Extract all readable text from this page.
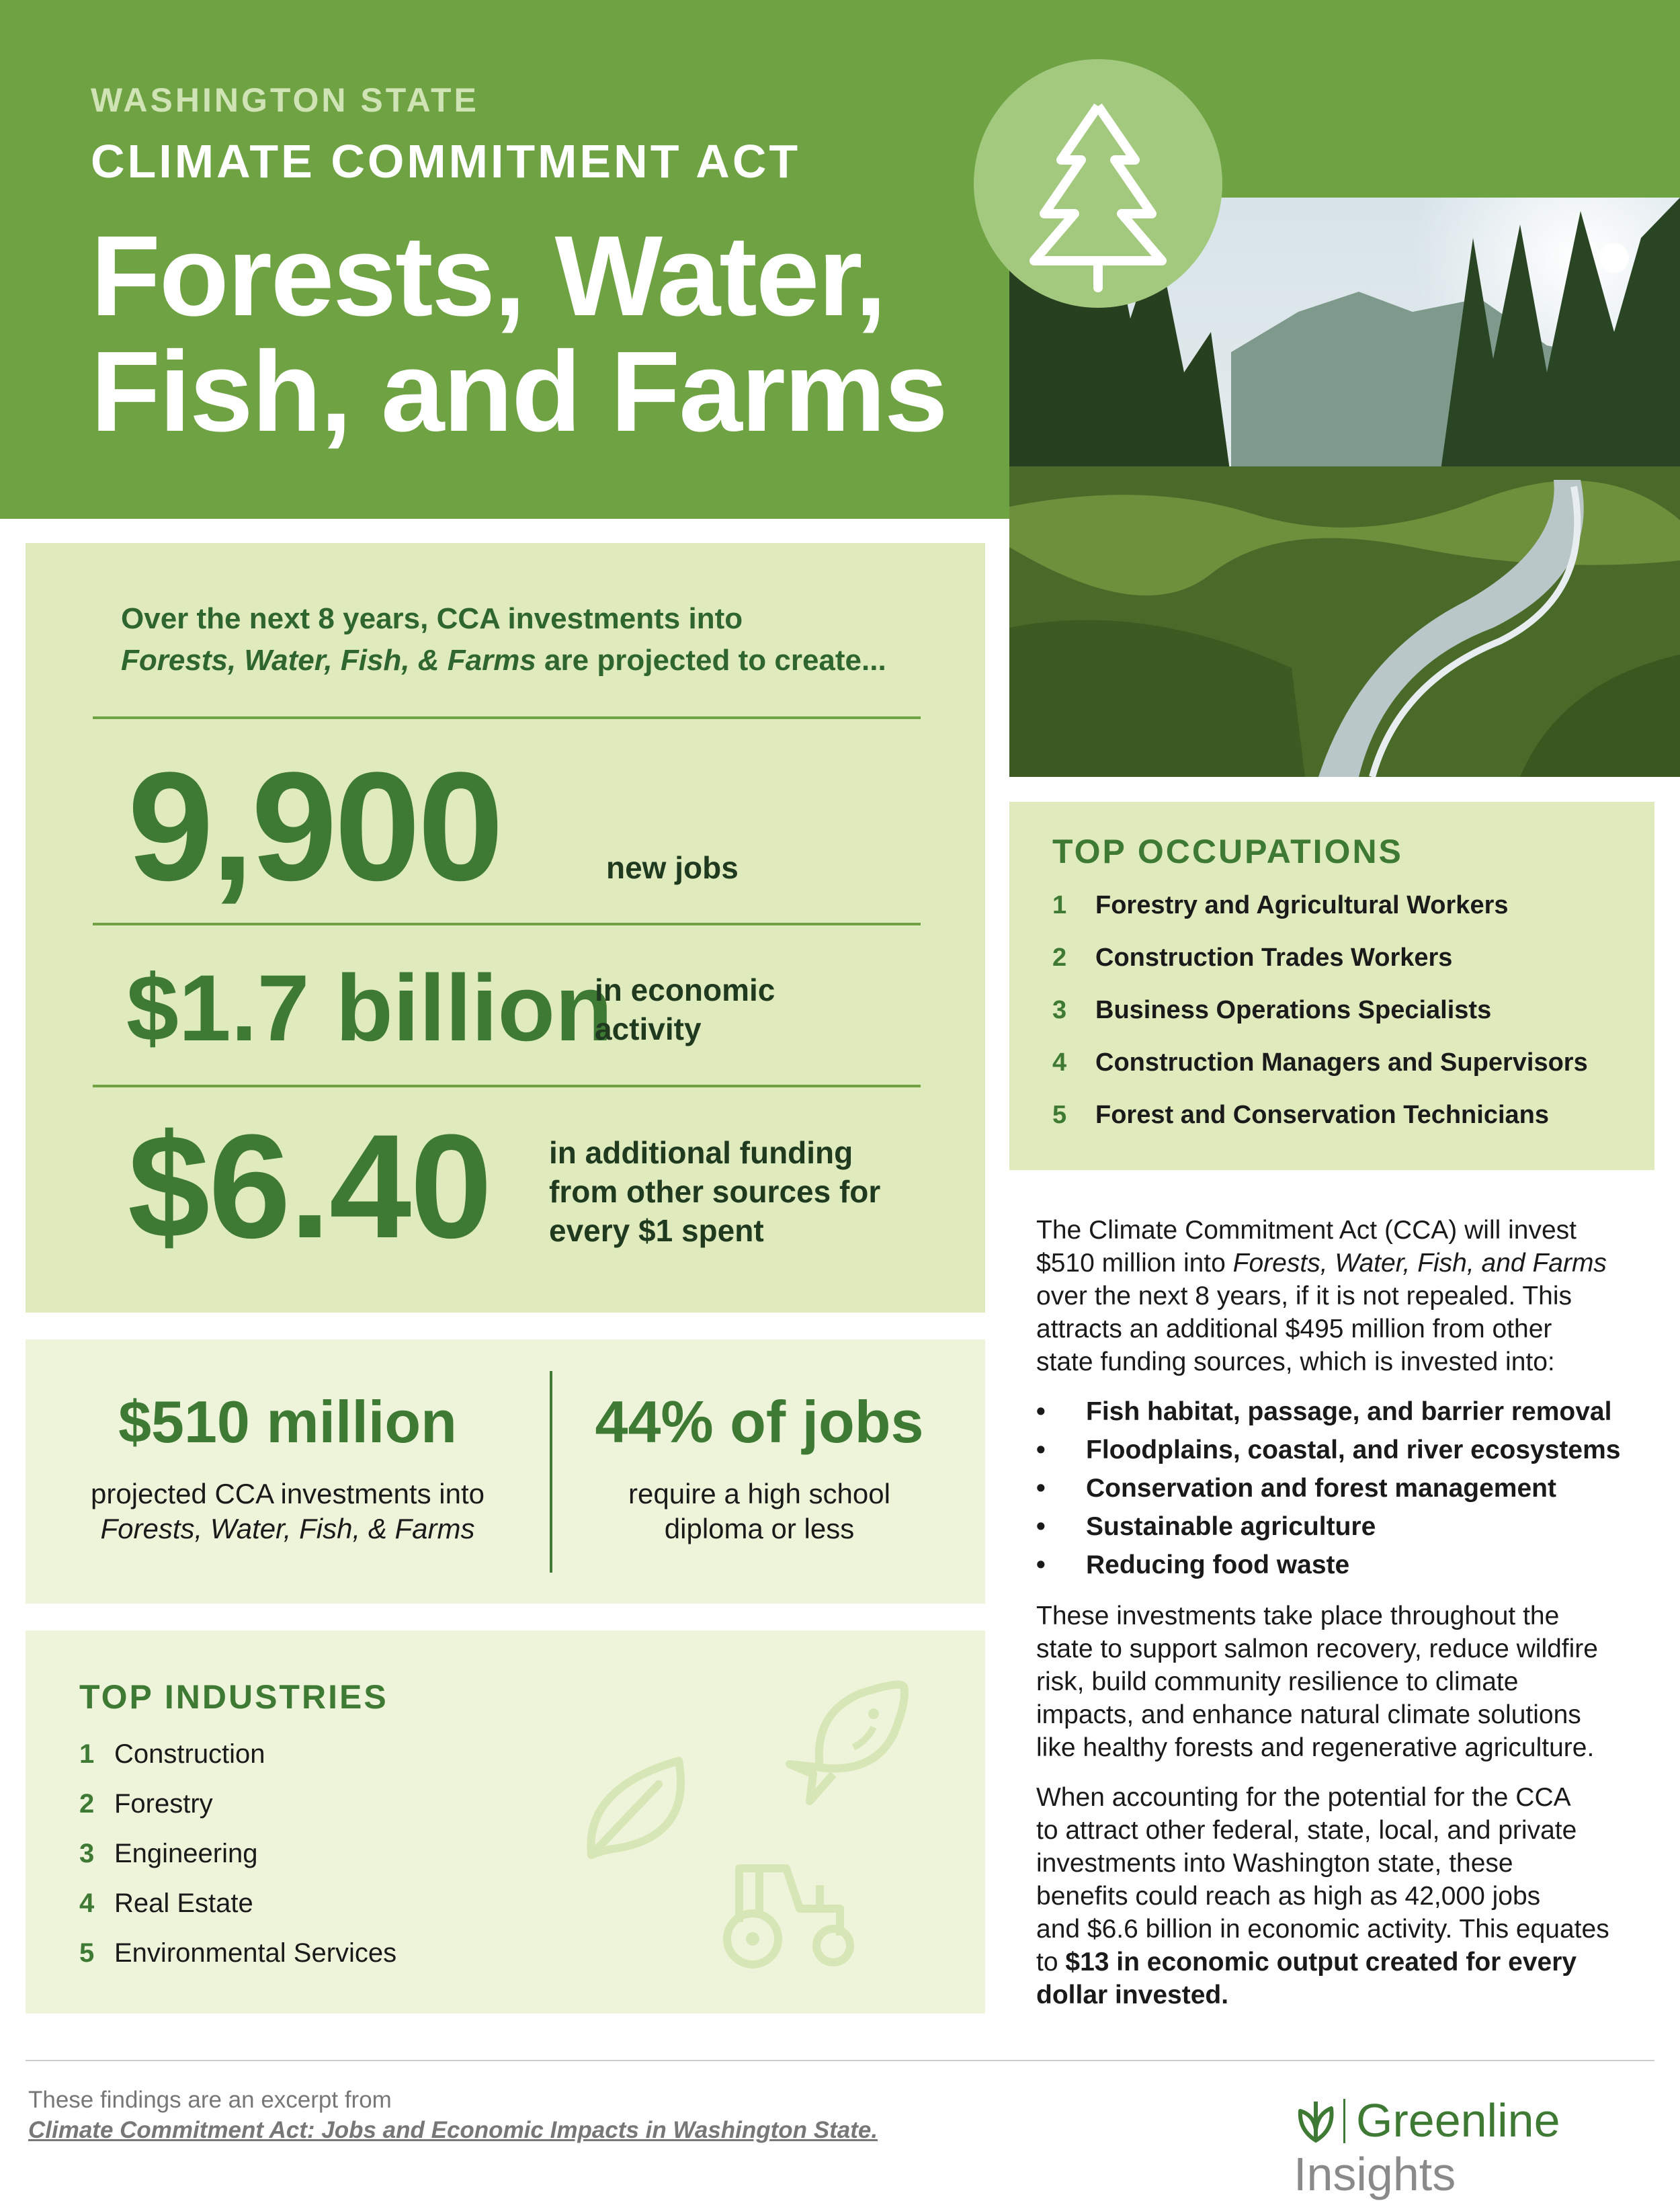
WASHINGTON STATE
CLIMATE COMMITMENT ACT
Forests, Water,
Fish, and Farms
Over the next 8 years, CCA investments into
Forests, Water, Fish, & Farms are projected to create...
9,900	new jobs
$1.7 billion
in economic
activity
$6.40 in additional funding
from other sources for
every $1 spent
$510 million
projected CCA investments into
Forests, Water, Fish, & Farms
44% of jobs
require a high school
diploma or less
TOP INDUSTRIES
1 Construction
2 Forestry
3 Engineering
4 Real Estate
5 Environmental Services
TOP OCCUPATIONS
1 Forestry and Agricultural Workers
2 Construction Trades Workers
3 Business Operations Specialists
4 Construction Managers and Supervisors
5 Forest and Conservation Technicians
The Climate Commitment Act (CCA) will invest
$510 million into Forests, Water, Fish, and Farms
over the next 8 years, if it is not repealed. This
attracts an additional $495 million from other
state funding sources, which is invested into:
• Fish habitat, passage, and barrier removal
• Floodplains, coastal, and river ecosystems
• Conservation and forest management
• Sustainable agriculture
• Reducing food waste
These investments take place throughout the
state to support salmon recovery, reduce wildfire
risk, build community resilience to climate
impacts, and enhance natural climate solutions
like healthy forests and regenerative agriculture.
When accounting for the potential for the CCA
to attract other federal, state, local, and private
investments into Washington state, these
benefits could reach as high as 42,000 jobs
and $6.6 billion in economic activity. This equates
to $13 in economic output created for every
dollar invested.
These findings are an excerpt from
Climate Commitment Act: Jobs and Economic Impacts in Washington State.	Greenline Insights
